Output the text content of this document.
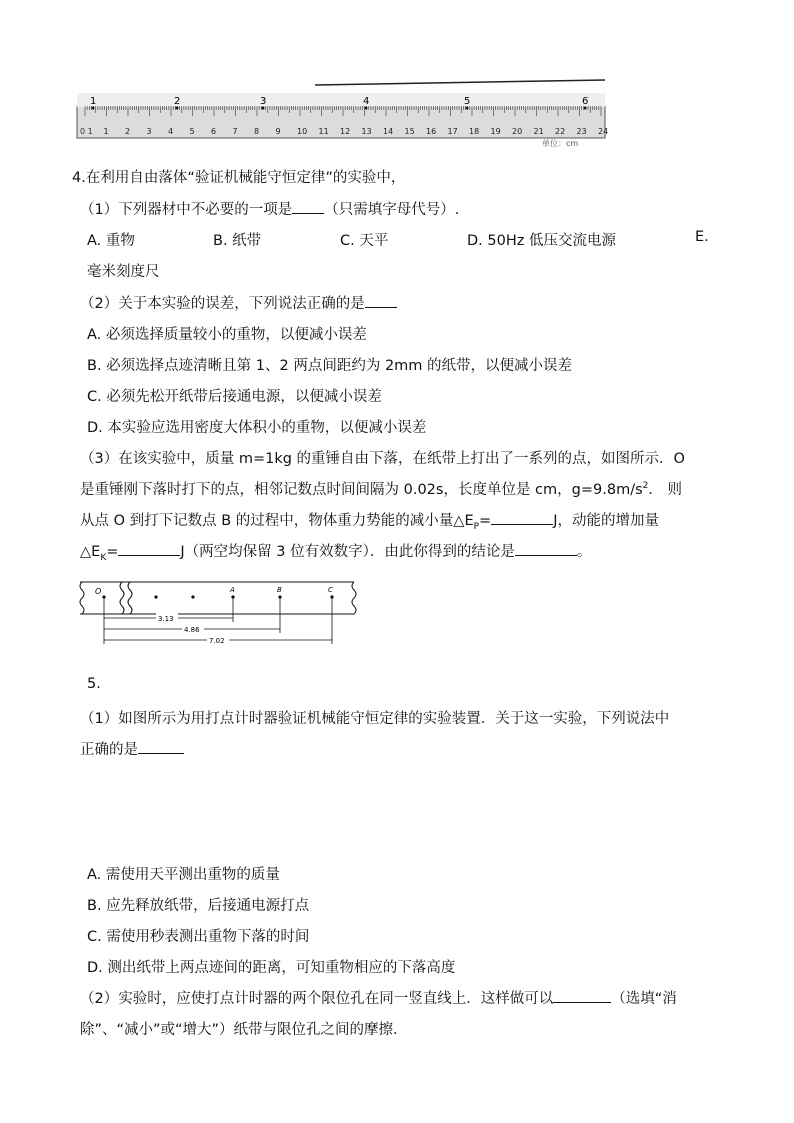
1 2 3 4 5 6 7 8 9 10 11 12 13 14 15 16 17 18 19 20 21 22 23 24
1	2	3	4	5	6
0 1
单位：cm
4.在利用自由落体“验证机械能守恒定律”的实验中，
（1）下列器材中不必要的一项是 （只需填字母代号）.
A. 重物	B. 纸带	C. 天平	D. 50Hz 低压交流电源	E.
毫米刻度尺
（2）关于本实验的误差，下列说法正确的是
A. 必须选择质量较小的重物，以便减小误差
B. 必须选择点迹清晰且第 1、2 两点间距约为 2mm 的纸带，以便减小误差
C. 必须先松开纸带后接通电源，以便减小误差
D. 本实验应选用密度大体积小的重物，以便减小误差
（3）在该实验中，质量 m=1kg 的重锤自由下落，在纸带上打出了一系列的点，如图所示．O
是重锤刚下落时打下的点，相邻记数点时间间隔为 0.02s，长度单位是 cm，$g=9.8m/s^2$． 则
从点 O 到打下记数点 B 的过程中，物体重力势能的减小量$\triangle E_P=$	J，动能的增加量
$\triangle E_K=$	J（两空均保留 3 位有效数字）．由此你得到的结论是	。
O	A	B	C
3.13
4.86
7.02
5.
（1）如图所示为用打点计时器验证机械能守恒定律的实验装置．关于这一实验，下列说法中
正确的是
A. 需使用天平测出重物的质量
B. 应先释放纸带，后接通电源打点
C. 需使用秒表测出重物下落的时间
D. 测出纸带上两点迹间的距离，可知重物相应的下落高度
（2）实验时，应使打点计时器的两个限位孔在同一竖直线上．这样做可以	（选填“消
除”、“减小”或“增大”）纸带与限位孔之间的摩擦．
